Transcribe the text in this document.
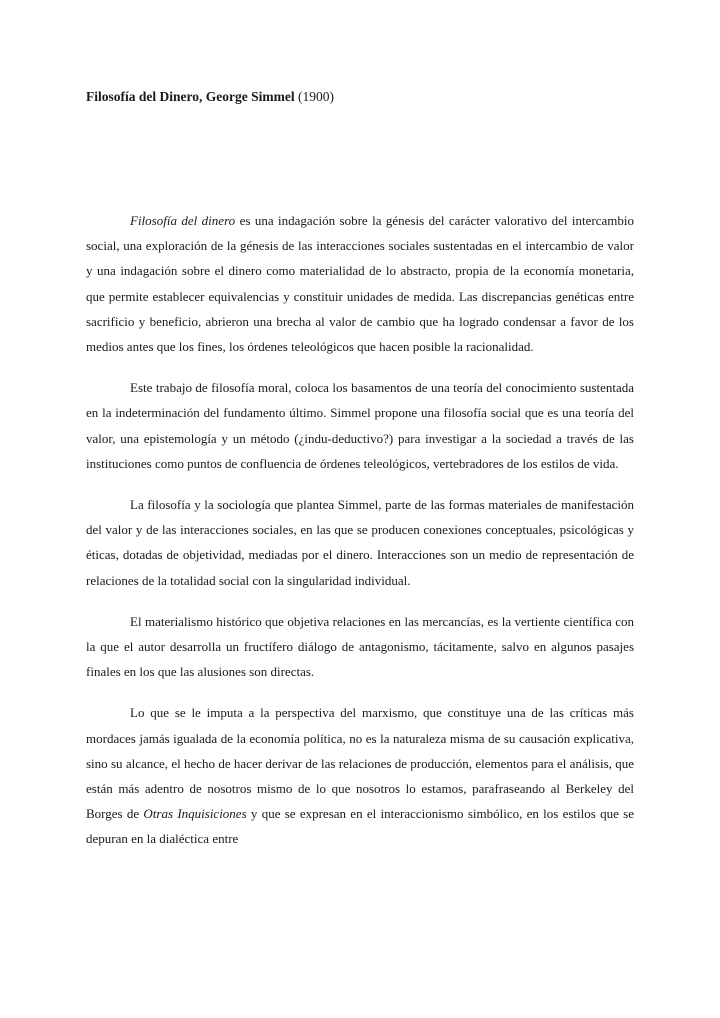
Filosofía del Dinero, George Simmel (1900)

Filosofía del dinero es una indagación sobre la génesis del carácter valorativo del intercambio social, una exploración de la génesis de las interacciones sociales sustentadas en el intercambio de valor y una indagación sobre el dinero como materialidad de lo abstracto, propia de la economía monetaria, que permite establecer equivalencias y constituir unidades de medida. Las discrepancias genéticas entre sacrificio y beneficio, abrieron una brecha al valor de cambio que ha logrado condensar a favor de los medios antes que los fines, los órdenes teleológicos que hacen posible la racionalidad.

Este trabajo de filosofía moral, coloca los basamentos de una teoría del conocimiento sustentada en la indeterminación del fundamento último. Simmel propone una filosofía social que es una teoría del valor, una epistemología y un método (¿indu-deductivo?) para investigar a la sociedad a través de las instituciones como puntos de confluencia de órdenes teleológicos, vertebradores de los estilos de vida.

La filosofía y la sociología que plantea Simmel, parte de las formas materiales de manifestación del valor y de las interacciones sociales, en las que se producen conexiones conceptuales, psicológicas y éticas, dotadas de objetividad, mediadas por el dinero. Interacciones son un medio de representación de relaciones de la totalidad social con la singularidad individual.

El materialismo histórico que objetiva relaciones en las mercancías, es la vertiente científica con la que el autor desarrolla un fructífero diálogo de antagonismo, tácitamente, salvo en algunos pasajes finales en los que las alusiones son directas.

Lo que se le imputa a la perspectiva del marxismo, que constituye una de las críticas más mordaces jamás igualada de la economía política, no es la naturaleza misma de su causación explicativa, sino su alcance, el hecho de hacer derivar de las relaciones de producción, elementos para el análisis, que están más adentro de nosotros mismo de lo que nosotros lo estamos, parafraseando al Berkeley del Borges de Otras Inquisiciones y que se expresan en el interaccionismo simbólico, en los estilos que se depuran en la dialéctica entre
